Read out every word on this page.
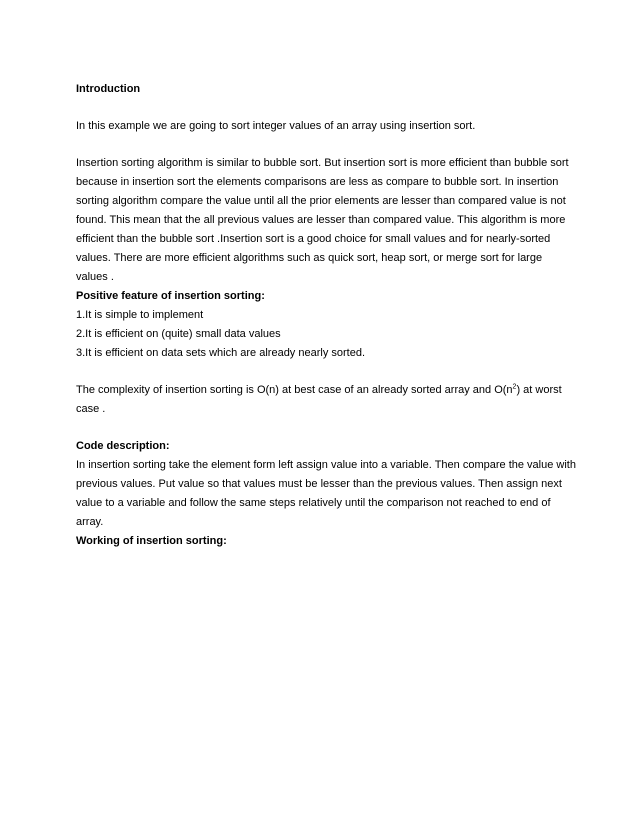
Introduction

In this example we are going to sort integer values of an array using insertion sort.

Insertion sorting algorithm is similar to bubble sort. But insertion sort is more efficient than bubble sort because in insertion sort the elements comparisons are less as compare to bubble sort. In insertion sorting algorithm compare the value until all the prior elements are lesser than compared value is not found. This mean that the all previous values are lesser than compared value. This algorithm is more efficient than the bubble sort .Insertion sort is a good choice for small values and for nearly-sorted values. There are more efficient algorithms such as quick sort, heap sort, or merge sort for large values .

Positive feature of insertion sorting:

1.It is simple to implement

2.It is efficient on (quite) small data values

3.It is efficient on data sets which are already nearly sorted.

The complexity of insertion sorting is O(n) at best case of an already sorted array and $O(n^2)$ at worst case .

Code description:

In insertion sorting take the element form left assign value into a variable. Then compare the value with previous values. Put value so that values must be lesser than the previous values. Then assign next value to a variable and follow the same steps relatively until the comparison not reached to end of array.

Working of insertion sorting:
